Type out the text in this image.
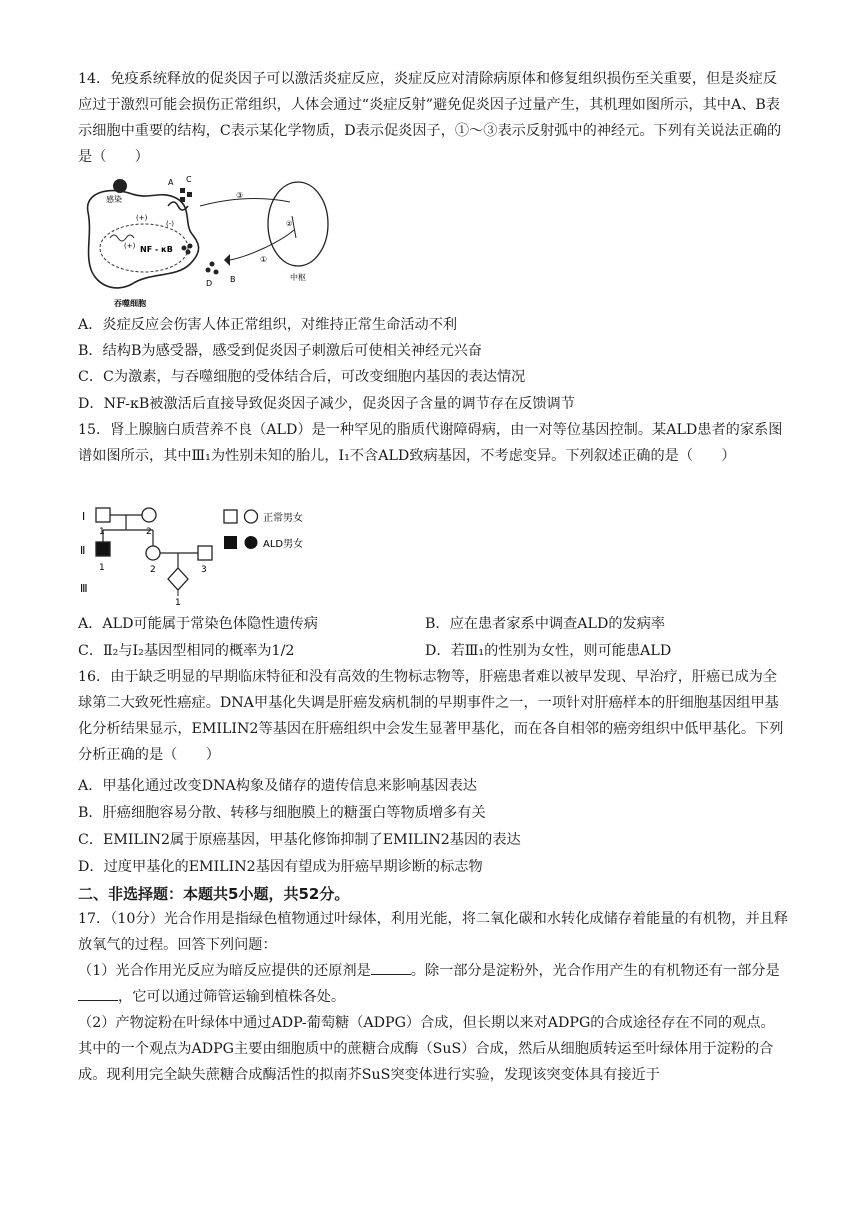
14．免疫系统释放的促炎因子可以激活炎症反应，炎症反应对清除病原体和修复组织损伤至关重要，但是炎症反应过于激烈可能会损伤正常组织，人体会通过“炎症反射”避免促炎因子过量产生，其机理如图所示，其中A、B表示细胞中重要的结构，C表示某化学物质，D表示促炎因子，①～③表示反射弧中的神经元。下列有关说法正确的是（　　）

感染
A C
(+)
(-)
(+) NF - κB
D B
吞噬细胞
中枢
①
②
③

A．炎症反应会伤害人体正常组织，对维持正常生命活动不利

B．结构B为感受器，感受到促炎因子刺激后可使相关神经元兴奋

C．C为激素，与吞噬细胞的受体结合后，可改变细胞内基因的表达情况

D．NF-κB被激活后直接导致促炎因子减少，促炎因子含量的调节存在反馈调节

15．肾上腺脑白质营养不良（ALD）是一种罕见的脂质代谢障碍病，由一对等位基因控制。某ALD患者的家系图谱如图所示，其中Ⅲ₁为性别未知的胎儿，Ⅰ₁不含ALD致病基因，不考虑变异。下列叙述正确的是（　　）

Ⅰ
Ⅱ
Ⅲ
1	2
1	2	3
1
正常男女
ALD男女

A．ALD可能属于常染色体隐性遗传病	B．应在患者家系中调查ALD的发病率

C．Ⅱ₂与Ⅰ₂基因型相同的概率为1/2	D．若Ⅲ₁的性别为女性，则可能患ALD

16．由于缺乏明显的早期临床特征和没有高效的生物标志物等，肝癌患者难以被早发现、早治疗，肝癌已成为全球第二大致死性癌症。DNA甲基化失调是肝癌发病机制的早期事件之一，一项针对肝癌样本的肝细胞基因组甲基化分析结果显示，EMILIN2等基因在肝癌组织中会发生显著甲基化，而在各自相邻的癌旁组织中低甲基化。下列分析正确的是（　　）

A．甲基化通过改变DNA构象及储存的遗传信息来影响基因表达

B．肝癌细胞容易分散、转移与细胞膜上的糖蛋白等物质增多有关

C．EMILIN2属于原癌基因，甲基化修饰抑制了EMILIN2基因的表达

D．过度甲基化的EMILIN2基因有望成为肝癌早期诊断的标志物

二、非选择题：本题共5小题，共52分。

17．（10分）光合作用是指绿色植物通过叶绿体，利用光能，将二氧化碳和水转化成储存着能量的有机物，并且释放氧气的过程。回答下列问题：

（1）光合作用光反应为暗反应提供的还原剂是	。除一部分是淀粉外，光合作用产生的有机物还有一部分是，它可以通过筛管运输到植株各处。

（2）产物淀粉在叶绿体中通过ADP-葡萄糖（ADPG）合成，但长期以来对ADPG的合成途径存在不同的观点。其中的一个观点为ADPG主要由细胞质中的蔗糖合成酶（SuS）合成，然后从细胞质转运至叶绿体用于淀粉的合成。现利用完全缺失蔗糖合成酶活性的拟南芥SuS突变体进行实验，发现该突变体具有接近于
